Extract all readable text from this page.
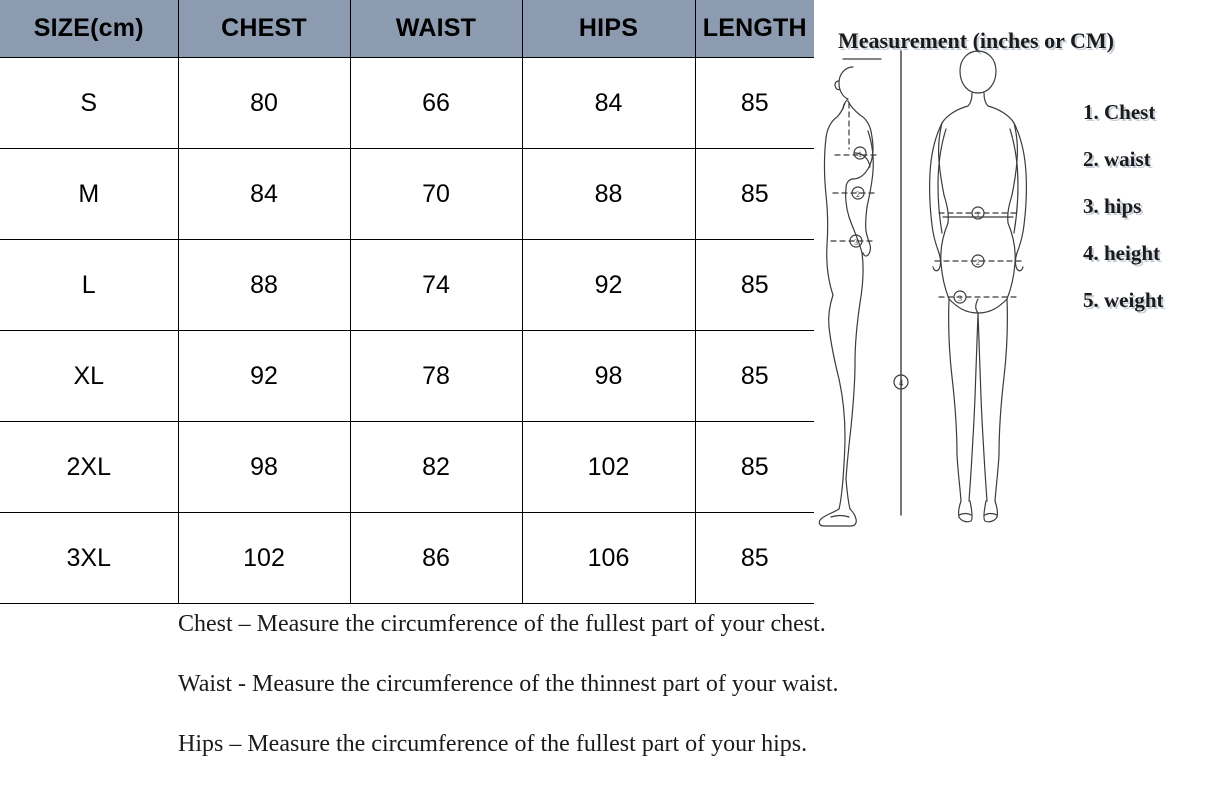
SIZE(cm)	CHEST	WAIST	HIPS	LENGTH
S	80	66	84	85
M	84	70	88	85
L	88	74	92	85
XL	92	78	98	85
2XL	98	82	102	85
3XL	102	86	106	85
Measurement (inches or CM)
1
2
3
1
2
3
4
1. Chest
2. waist
3. hips
4. height
5. weight
Chest – Measure the circumference of the fullest part of your chest.
Waist - Measure the circumference of the thinnest part of your waist.
Hips – Measure the circumference of the fullest part of your hips.
